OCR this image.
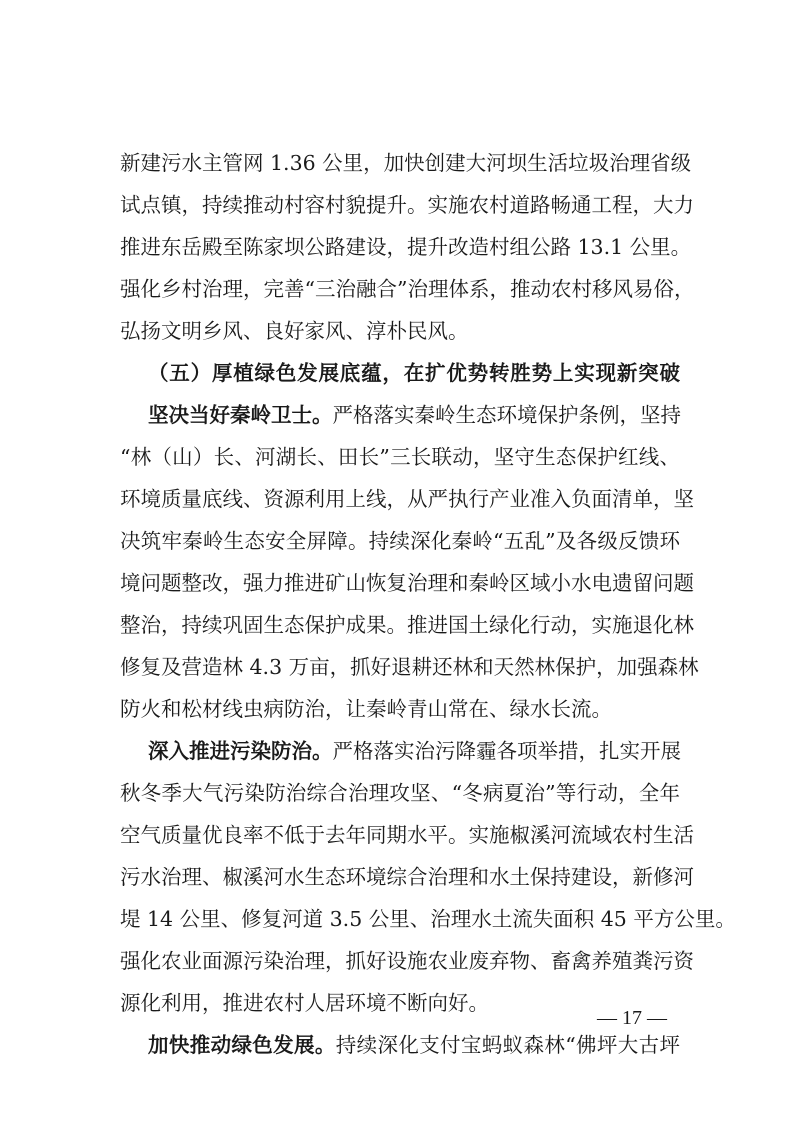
新建污水主管网 1.36 公里，加快创建大河坝生活垃圾治理省级
试点镇，持续推动村容村貌提升。实施农村道路畅通工程，大力
推进东岳殿至陈家坝公路建设，提升改造村组公路 13.1 公里。
强化乡村治理，完善“三治融合”治理体系，推动农村移风易俗，
弘扬文明乡风、良好家风、淳朴民风。
（五）厚植绿色发展底蕴，在扩优势转胜势上实现新突破
坚决当好秦岭卫士。严格落实秦岭生态环境保护条例，坚持
“林（山）长、河湖长、田长”三长联动，坚守生态保护红线、
环境质量底线、资源利用上线，从严执行产业准入负面清单，坚
决筑牢秦岭生态安全屏障。持续深化秦岭“五乱”及各级反馈环
境问题整改，强力推进矿山恢复治理和秦岭区域小水电遗留问题
整治，持续巩固生态保护成果。推进国土绿化行动，实施退化林
修复及营造林 4.3 万亩，抓好退耕还林和天然林保护，加强森林
防火和松材线虫病防治，让秦岭青山常在、绿水长流。
深入推进污染防治。严格落实治污降霾各项举措，扎实开展
秋冬季大气污染防治综合治理攻坚、“冬病夏治”等行动，全年
空气质量优良率不低于去年同期水平。实施椒溪河流域农村生活
污水治理、椒溪河水生态环境综合治理和水土保持建设，新修河
堤 14 公里、修复河道 3.5 公里、治理水土流失面积 45 平方公里。
强化农业面源污染治理，抓好设施农业废弃物、畜禽养殖粪污资
源化利用，推进农村人居环境不断向好。
加快推动绿色发展。持续深化支付宝蚂蚁森林“佛坪大古坪
— 17 —
